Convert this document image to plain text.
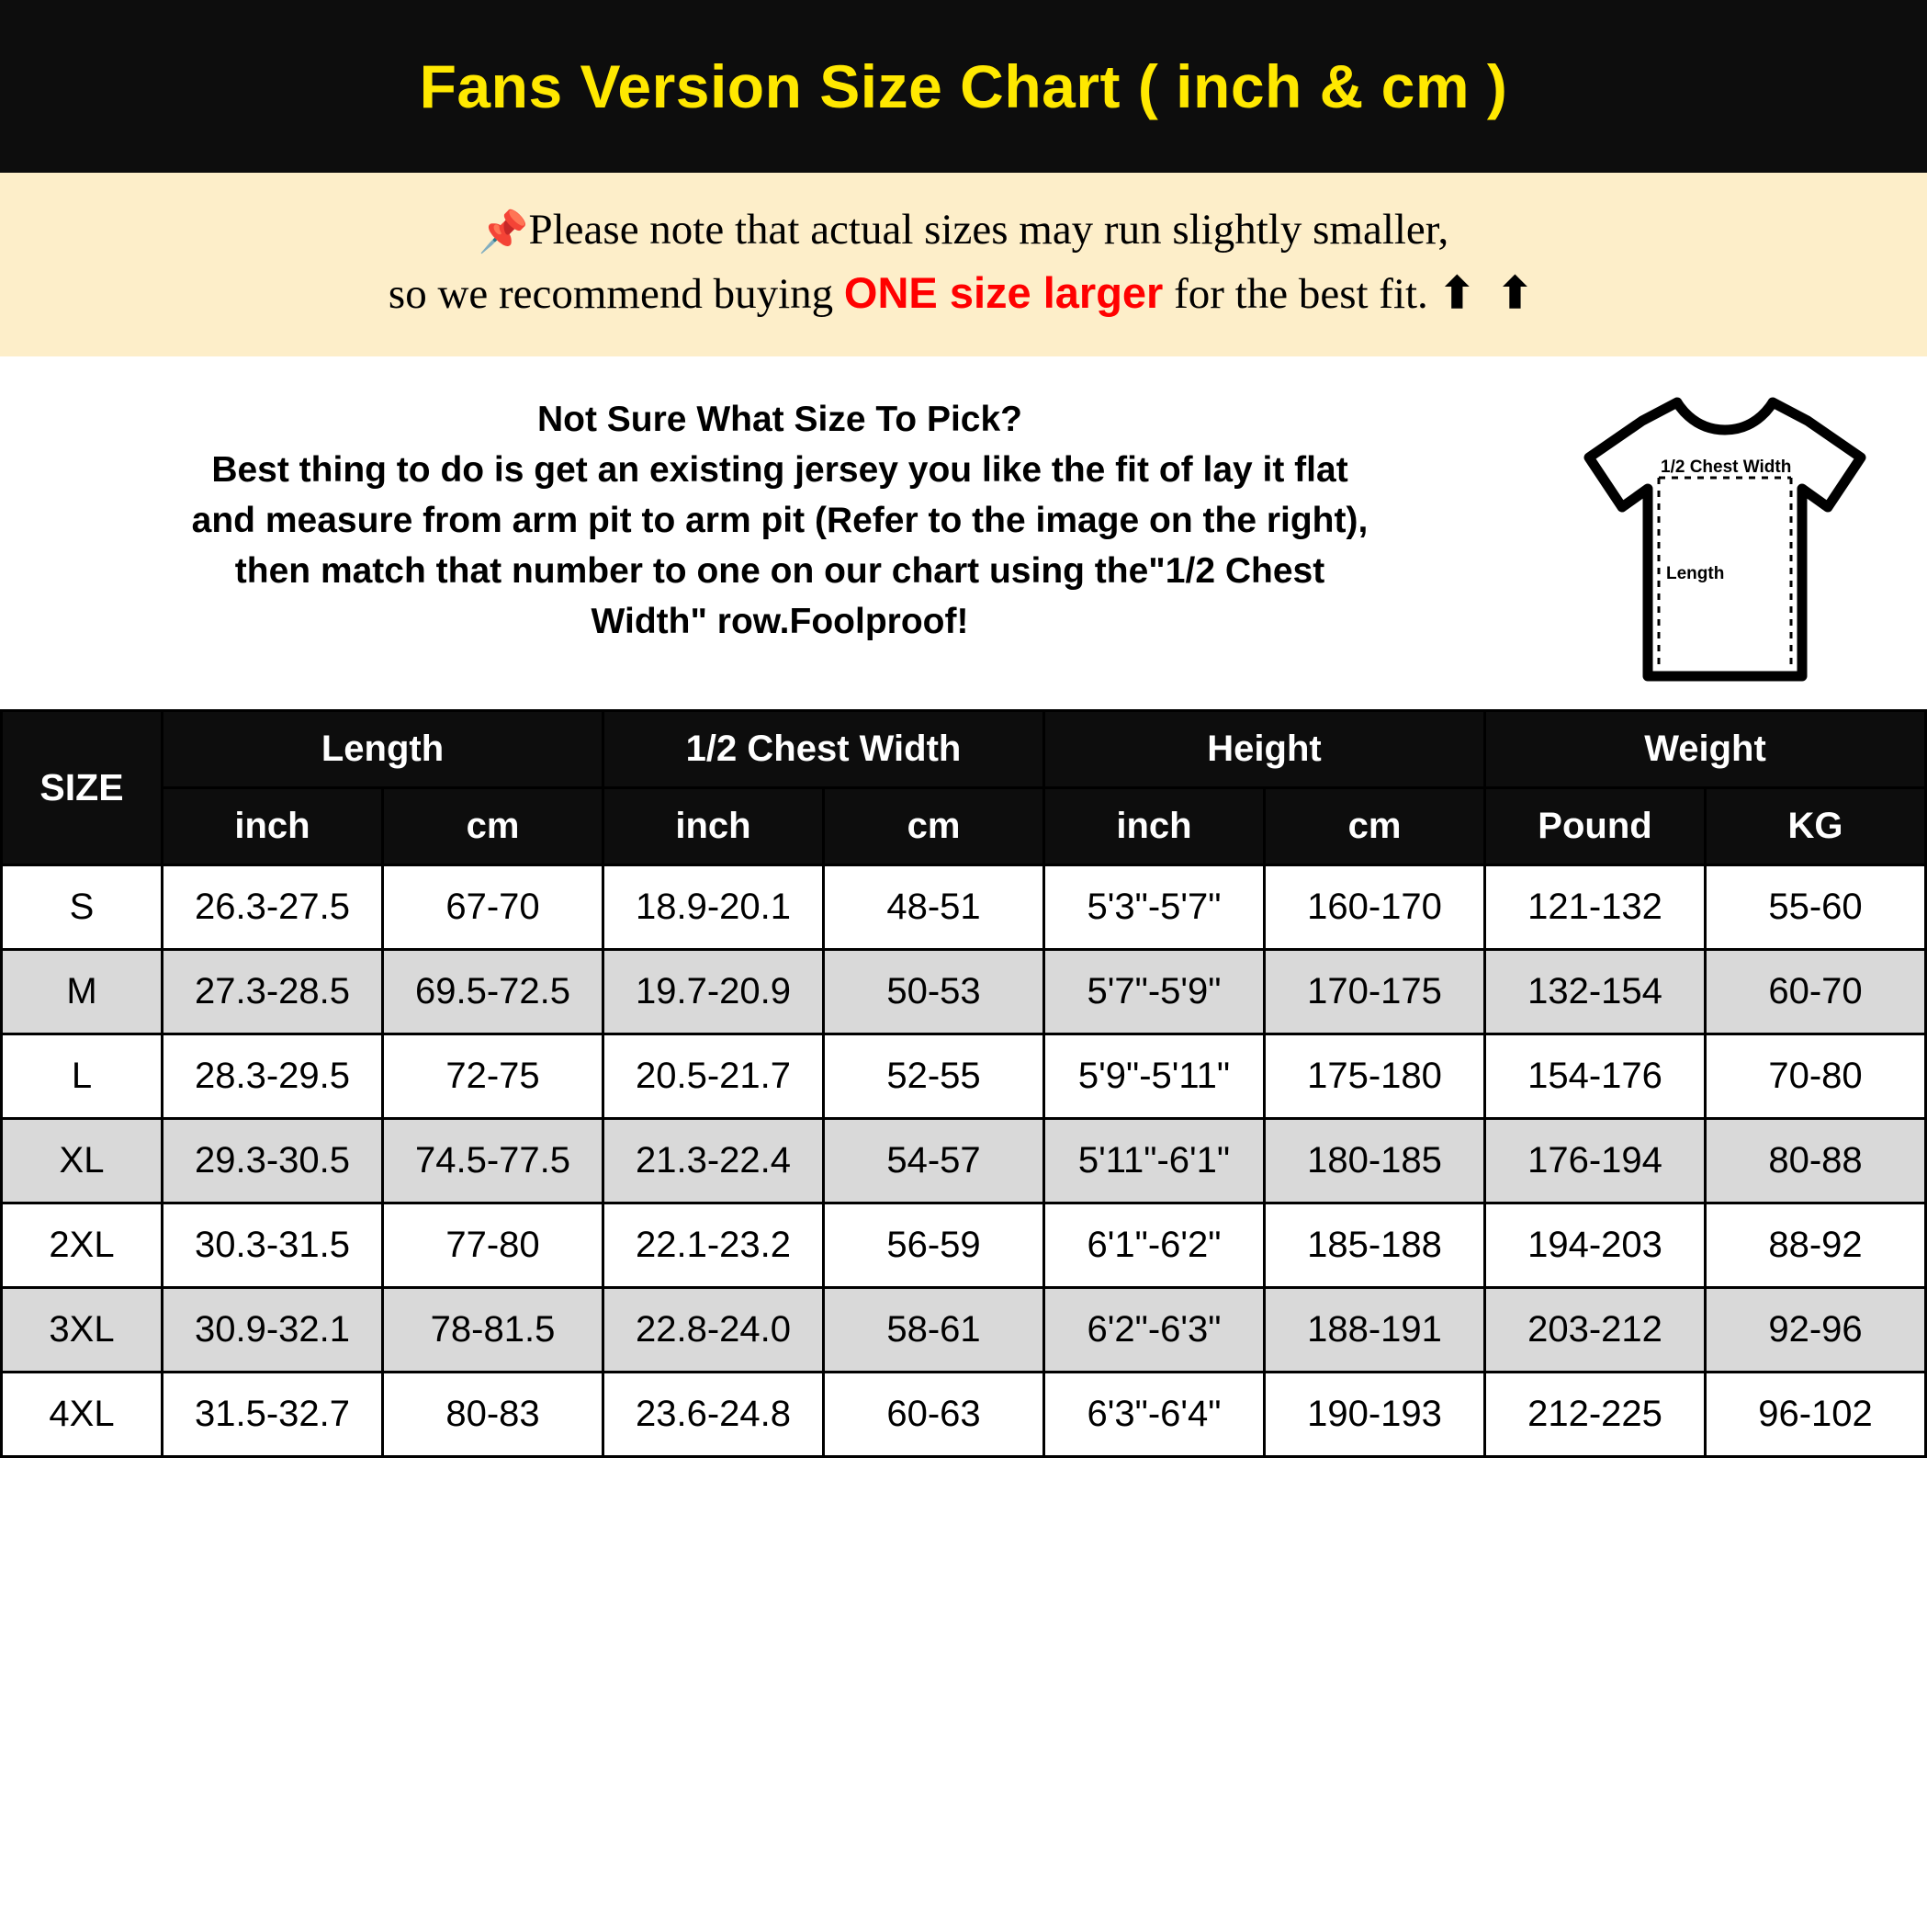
Fans Version Size Chart ( inch & cm )
📌Please note that actual sizes may run slightly smaller,
so we recommend buying ONE size larger for the best fit. ⬆ ⬆
Not Sure What Size To Pick?
Best thing to do is get an existing jersey you like the fit of lay it flat
and measure from arm pit to arm pit (Refer to the image on the right),
then match that number to one on our chart using the"1/2 Chest
Width" row.Foolproof!
1/2 Chest Width
Length
SIZE	Length		1/2 Chest Width		Height		Weight	
	inch	cm	inch	cm	inch	cm	Pound	KG
S	26.3-27.5	67-70	18.9-20.1	48-51	5'3"-5'7"	160-170	121-132	55-60
M	27.3-28.5	69.5-72.5	19.7-20.9	50-53	5'7"-5'9"	170-175	132-154	60-70
L	28.3-29.5	72-75	20.5-21.7	52-55	5'9"-5'11"	175-180	154-176	70-80
XL	29.3-30.5	74.5-77.5	21.3-22.4	54-57	5'11"-6'1"	180-185	176-194	80-88
2XL	30.3-31.5	77-80	22.1-23.2	56-59	6'1"-6'2"	185-188	194-203	88-92
3XL	30.9-32.1	78-81.5	22.8-24.0	58-61	6'2"-6'3"	188-191	203-212	92-96
4XL	31.5-32.7	80-83	23.6-24.8	60-63	6'3"-6'4"	190-193	212-225	96-102
